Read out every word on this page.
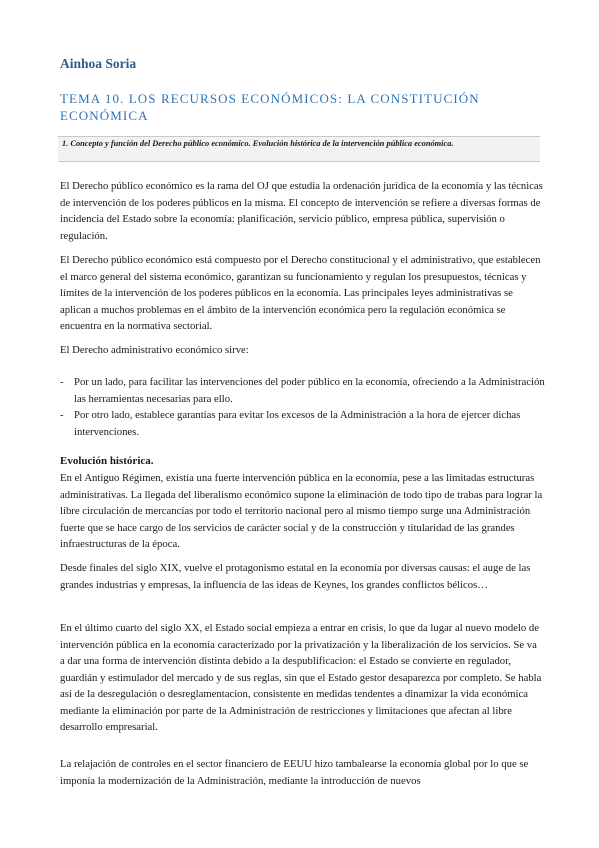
Ainhoa Soria
TEMA 10. LOS RECURSOS ECONÓMICOS: LA CONSTITUCIÓN ECONÓMICA
1. Concepto y función del Derecho público económico. Evolución histórica de la intervención pública económica.

El Derecho público económico es la rama del OJ que estudia la ordenación jurídica de la economía y las técnicas de intervención de los poderes públicos en la misma. El concepto de intervención se refiere a diversas formas de incidencia del Estado sobre la economía: planificación, servicio público, empresa pública, supervisión o regulación.

El Derecho público económico está compuesto por el Derecho constitucional y el administrativo, que establecen el marco general del sistema económico, garantizan su funcionamiento y regulan los presupuestos, técnicas y límites de la intervención de los poderes públicos en la economía. Las principales leyes administrativas se aplican a muchos problemas en el ámbito de la intervención económica pero la regulación económica se encuentra en la normativa sectorial.

El Derecho administrativo económico sirve:

- Por un lado, para facilitar las intervenciones del poder público en la economía, ofreciendo a la Administración las herramientas necesarias para ello.
- Por otro lado, establece garantías para evitar los excesos de la Administración a la hora de ejercer dichas intervenciones.
Evolución histórica.

En el Antiguo Régimen, existía una fuerte intervención pública en la economía, pese a las limitadas estructuras administrativas. La llegada del liberalismo económico supone la eliminación de todo tipo de trabas para lograr la libre circulación de mercancías por todo el territorio nacional pero al mismo tiempo surge una Administración fuerte que se hace cargo de los servicios de carácter social y de la construcción y titularidad de las grandes infraestructuras de la época.

Desde finales del siglo XIX, vuelve el protagonismo estatal en la economía por diversas causas: el auge de las grandes industrias y empresas, la influencia de las ideas de Keynes, los grandes conflictos bélicos…

En el último cuarto del siglo XX, el Estado social empieza a entrar en crisis, lo que da lugar al nuevo modelo de intervención pública en la economía caracterizado por la privatización y la liberalización de los servicios. Se va a dar una forma de intervención distinta debido a la despublificacion: el Estado se convierte en regulador, guardián y estimulador del mercado y de sus reglas, sin que el Estado gestor desaparezca por completo. Se habla así de la desregulación o desreglamentacion, consistente en medidas tendentes a dinamizar la vida económica mediante la eliminación por parte de la Administración de restricciones y limitaciones que afectan al libre desarrollo empresarial.

La relajación de controles en el sector financiero de EEUU hizo tambalearse la economía global por lo que se imponía la modernización de la Administración, mediante la introducción de nuevos
